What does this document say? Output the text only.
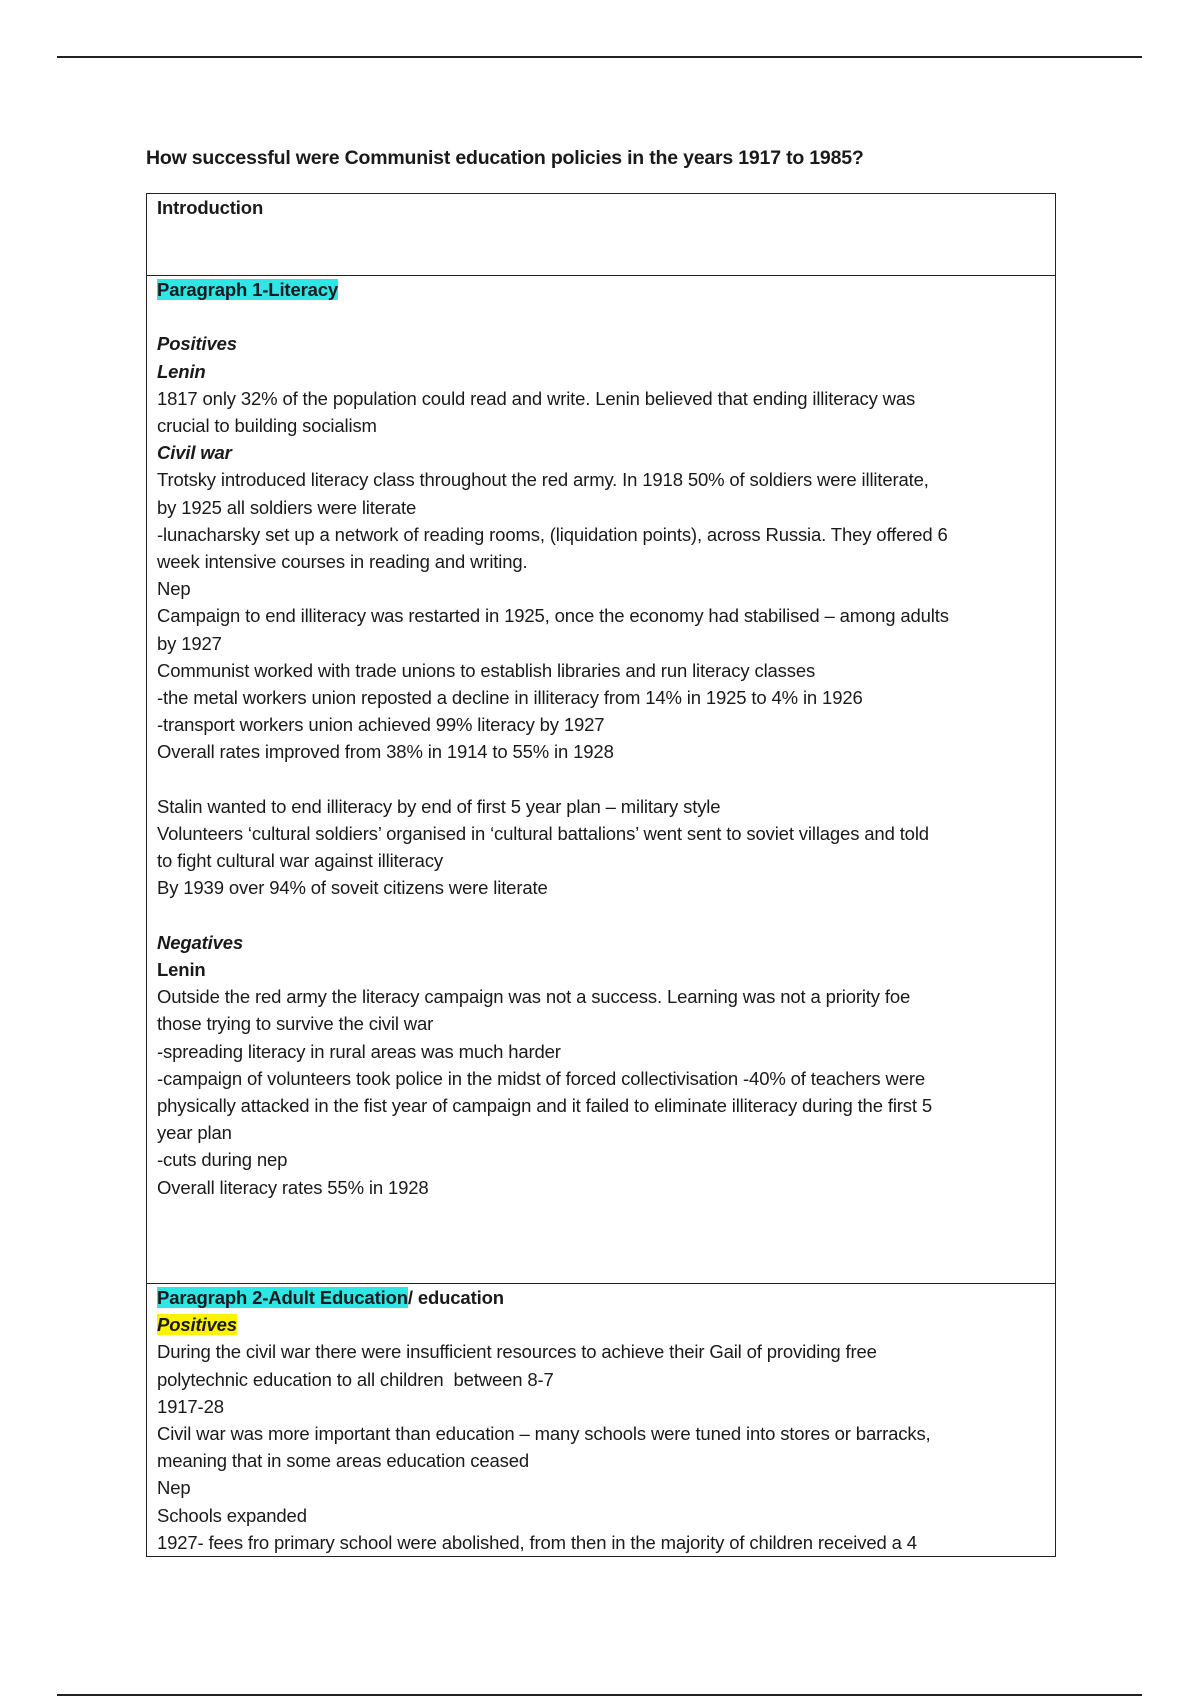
How successful were Communist education policies in the years 1917 to 1985?
Introduction
Paragraph 1-Literacy
Positives
Lenin
1817 only 32% of the population could read and write. Lenin believed that ending illiteracy was
crucial to building socialism
Civil war
Trotsky introduced literacy class throughout the red army. In 1918 50% of soldiers were illiterate,
by 1925 all soldiers were literate
-lunacharsky set up a network of reading rooms, (liquidation points), across Russia. They offered 6
week intensive courses in reading and writing.
Nep
Campaign to end illiteracy was restarted in 1925, once the economy had stabilised – among adults
by 1927
Communist worked with trade unions to establish libraries and run literacy classes
-the metal workers union reposted a decline in illiteracy from 14% in 1925 to 4% in 1926
-transport workers union achieved 99% literacy by 1927
Overall rates improved from 38% in 1914 to 55% in 1928
Stalin wanted to end illiteracy by end of first 5 year plan – military style
Volunteers ‘cultural soldiers’ organised in ‘cultural battalions’ went sent to soviet villages and told
to fight cultural war against illiteracy
By 1939 over 94% of soveit citizens were literate
Negatives
Lenin
Outside the red army the literacy campaign was not a success. Learning was not a priority foe
those trying to survive the civil war
-spreading literacy in rural areas was much harder
-campaign of volunteers took police in the midst of forced collectivisation -40% of teachers were
physically attacked in the fist year of campaign and it failed to eliminate illiteracy during the first 5
year plan
-cuts during nep
Overall literacy rates 55% in 1928
Paragraph 2-Adult Education/ education
Positives
During the civil war there were insufficient resources to achieve their Gail of providing free
polytechnic education to all children  between 8-7
1917-28
Civil war was more important than education – many schools were tuned into stores or barracks,
meaning that in some areas education ceased
Nep
Schools expanded
1927- fees fro primary school were abolished, from then in the majority of children received a 4
